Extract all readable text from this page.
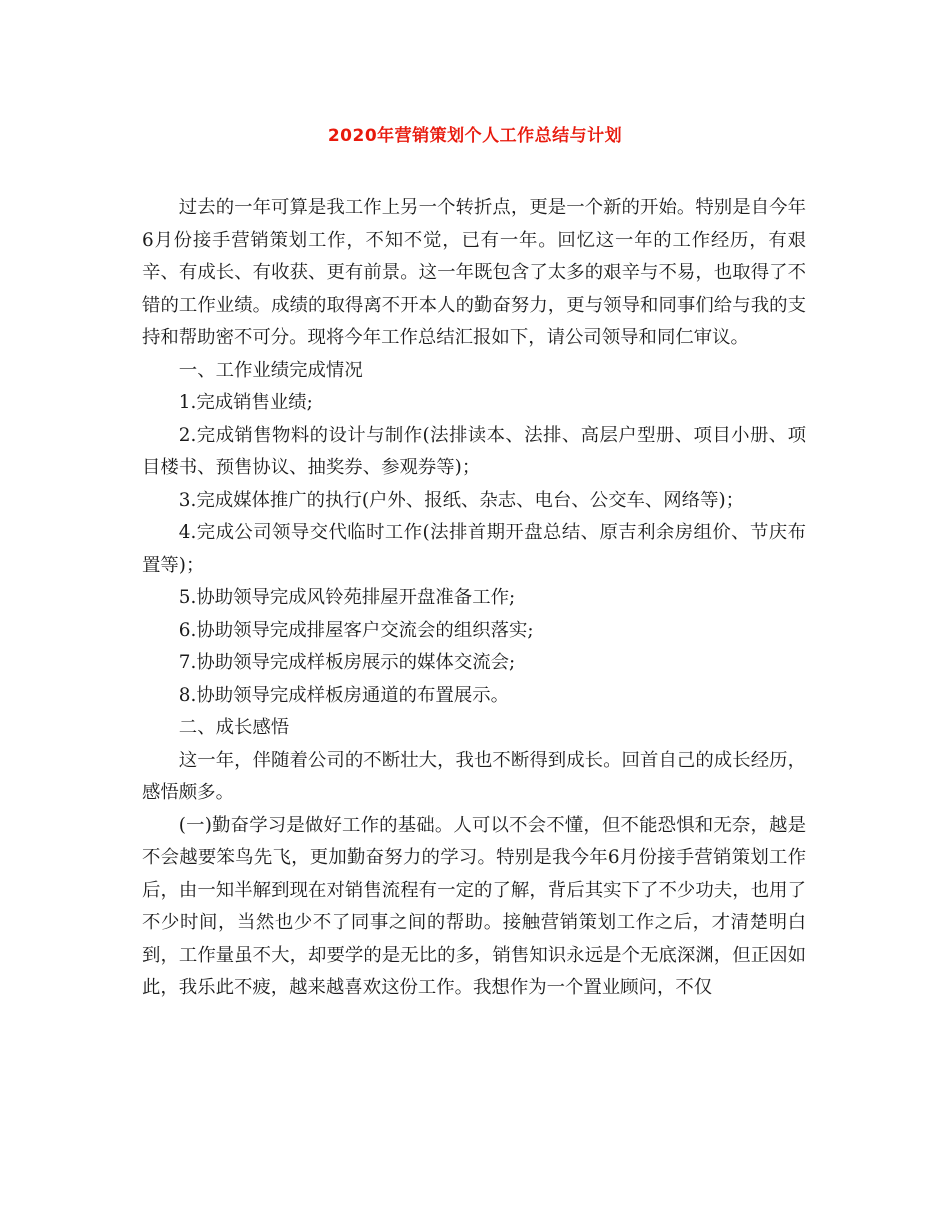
2020年营销策划个人工作总结与计划

过去的一年可算是我工作上另一个转折点，更是一个新的开始。特别是自今年6月份接手营销策划工作，不知不觉，已有一年。回忆这一年的工作经历，有艰辛、有成长、有收获、更有前景。这一年既包含了太多的艰辛与不易，也取得了不错的工作业绩。成绩的取得离不开本人的勤奋努力，更与领导和同事们给与我的支持和帮助密不可分。现将今年工作总结汇报如下，请公司领导和同仁审议。

一、工作业绩完成情况

1.完成销售业绩;

2.完成销售物料的设计与制作(法排读本、法排、高层户型册、项目小册、项目楼书、预售协议、抽奖券、参观券等)；

3.完成媒体推广的执行(户外、报纸、杂志、电台、公交车、网络等)；

4.完成公司领导交代临时工作(法排首期开盘总结、原吉利余房组价、节庆布置等)；

5.协助领导完成风铃苑排屋开盘准备工作;

6.协助领导完成排屋客户交流会的组织落实;

7.协助领导完成样板房展示的媒体交流会;

8.协助领导完成样板房通道的布置展示。

二、成长感悟

这一年，伴随着公司的不断壮大，我也不断得到成长。回首自己的成长经历，感悟颇多。

(一)勤奋学习是做好工作的基础。人可以不会不懂，但不能恐惧和无奈，越是不会越要笨鸟先飞，更加勤奋努力的学习。特别是我今年6月份接手营销策划工作后，由一知半解到现在对销售流程有一定的了解，背后其实下了不少功夫，也用了不少时间，当然也少不了同事之间的帮助。接触营销策划工作之后，才清楚明白到，工作量虽不大，却要学的是无比的多，销售知识永远是个无底深渊，但正因如此，我乐此不疲，越来越喜欢这份工作。我想作为一个置业顾问，不仅
